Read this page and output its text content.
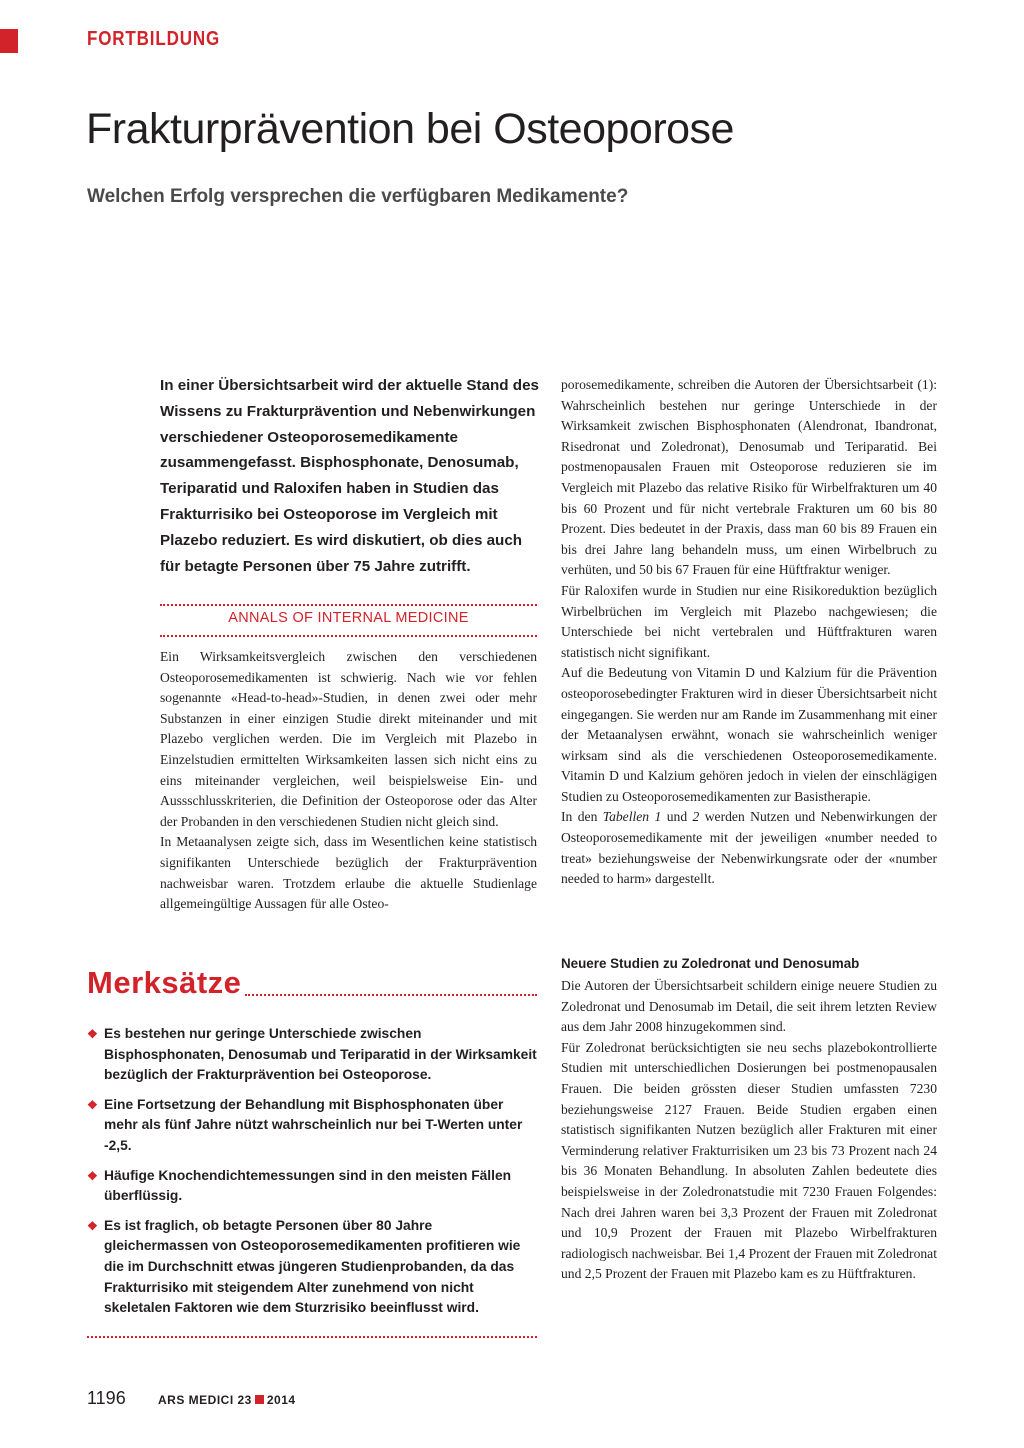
FORTBILDUNG
Frakturprävention bei Osteoporose
Welchen Erfolg versprechen die verfügbaren Medikamente?

In einer Übersichtsarbeit wird der aktuelle Stand des Wissens zu Frakturprävention und Nebenwirkungen verschiedener Osteoporosemedikamente zusammengefasst. Bisphosphonate, Denosumab, Teriparatid und Raloxifen haben in Studien das Frakturrisiko bei Osteoporose im Vergleich mit Plazebo reduziert. Es wird diskutiert, ob dies auch für betagte Personen über 75 Jahre zutrifft.

ANNALS OF INTERNAL MEDICINE

Ein Wirksamkeitsvergleich zwischen den verschiedenen Osteoporosemedikamenten ist schwierig. Nach wie vor fehlen sogenannte «Head-to-head»-Studien, in denen zwei oder mehr Substanzen in einer einzigen Studie direkt miteinander und mit Plazebo verglichen werden. Die im Vergleich mit Plazebo in Einzelstudien ermittelten Wirksamkeiten lassen sich nicht eins zu eins miteinander vergleichen, weil beispielsweise Ein- und Aussschlusskriterien, die Definition der Osteoporose oder das Alter der Probanden in den verschiedenen Studien nicht gleich sind.

In Metaanalysen zeigte sich, dass im Wesentlichen keine statistisch signifikanten Unterschiede bezüglich der Frakturprävention nachweisbar waren. Trotzdem erlaube die aktuelle Studienlage allgemeingültige Aussagen für alle Osteo-

porosemedikamente, schreiben die Autoren der Übersichtsarbeit (1): Wahrscheinlich bestehen nur geringe Unterschiede in der Wirksamkeit zwischen Bisphosphonaten (Alendronat, Ibandronat, Risedronat und Zoledronat), Denosumab und Teriparatid. Bei postmenopausalen Frauen mit Osteoporose reduzieren sie im Vergleich mit Plazebo das relative Risiko für Wirbelfrakturen um 40 bis 60 Prozent und für nicht vertebrale Frakturen um 60 bis 80 Prozent. Dies bedeutet in der Praxis, dass man 60 bis 89 Frauen ein bis drei Jahre lang behandeln muss, um einen Wirbelbruch zu verhüten, und 50 bis 67 Frauen für eine Hüftfraktur weniger.

Für Raloxifen wurde in Studien nur eine Risikoreduktion bezüglich Wirbelbrüchen im Vergleich mit Plazebo nachgewiesen; die Unterschiede bei nicht vertebralen und Hüftfrakturen waren statistisch nicht signifikant.

Auf die Bedeutung von Vitamin D und Kalzium für die Prävention osteoporosebedingter Frakturen wird in dieser Übersichtsarbeit nicht eingegangen. Sie werden nur am Rande im Zusammenhang mit einer der Metaanalysen erwähnt, wonach sie wahrscheinlich weniger wirksam sind als die verschiedenen Osteoporosemedikamente. Vitamin D und Kalzium gehören jedoch in vielen der einschlägigen Studien zu Osteoporosemedikamenten zur Basistherapie.

In den Tabellen 1 und 2 werden Nutzen und Nebenwirkungen der Osteoporosemedikamente mit der jeweiligen «number needed to treat» beziehungsweise der Nebenwirkungsrate oder der «number needed to harm» dargestellt.

Neuere Studien zu Zoledronat und Denosumab

Die Autoren der Übersichtsarbeit schildern einige neuere Studien zu Zoledronat und Denosumab im Detail, die seit ihrem letzten Review aus dem Jahr 2008 hinzugekommen sind.

Für Zoledronat berücksichtigten sie neu sechs plazebokontrollierte Studien mit unterschiedlichen Dosierungen bei postmenopausalen Frauen. Die beiden grössten dieser Studien umfassten 7230 beziehungsweise 2127 Frauen. Beide Studien ergaben einen statistisch signifikanten Nutzen bezüglich aller Frakturen mit einer Verminderung relativer Frakturrisiken um 23 bis 73 Prozent nach 24 bis 36 Monaten Behandlung. In absoluten Zahlen bedeutete dies beispielsweise in der Zoledronatstudie mit 7230 Frauen Folgendes: Nach drei Jahren waren bei 3,3 Prozent der Frauen mit Zoledronat und 10,9 Prozent der Frauen mit Plazebo Wirbelfrakturen radiologisch nachweisbar. Bei 1,4 Prozent der Frauen mit Zoledronat und 2,5 Prozent der Frauen mit Plazebo kam es zu Hüftfrakturen.

Merksätze
❖ Es bestehen nur geringe Unterschiede zwischen Bisphosphonaten, Denosumab und Teriparatid in der Wirksamkeit bezüglich der Frakturprävention bei Osteoporose.
❖ Eine Fortsetzung der Behandlung mit Bisphosphonaten über mehr als fünf Jahre nützt wahrscheinlich nur bei T-Werten unter -2,5.
❖ Häufige Knochendichtemessungen sind in den meisten Fällen überflüssig.
❖ Es ist fraglich, ob betagte Personen über 80 Jahre gleichermassen von Osteoporosemedikamenten profitieren wie die im Durchschnitt etwas jüngeren Studienprobanden, da das Frakturrisiko mit steigendem Alter zunehmend von nicht skeletalen Faktoren wie dem Sturzrisiko beeinflusst wird.
1196	ARS MEDICI 23 2014
